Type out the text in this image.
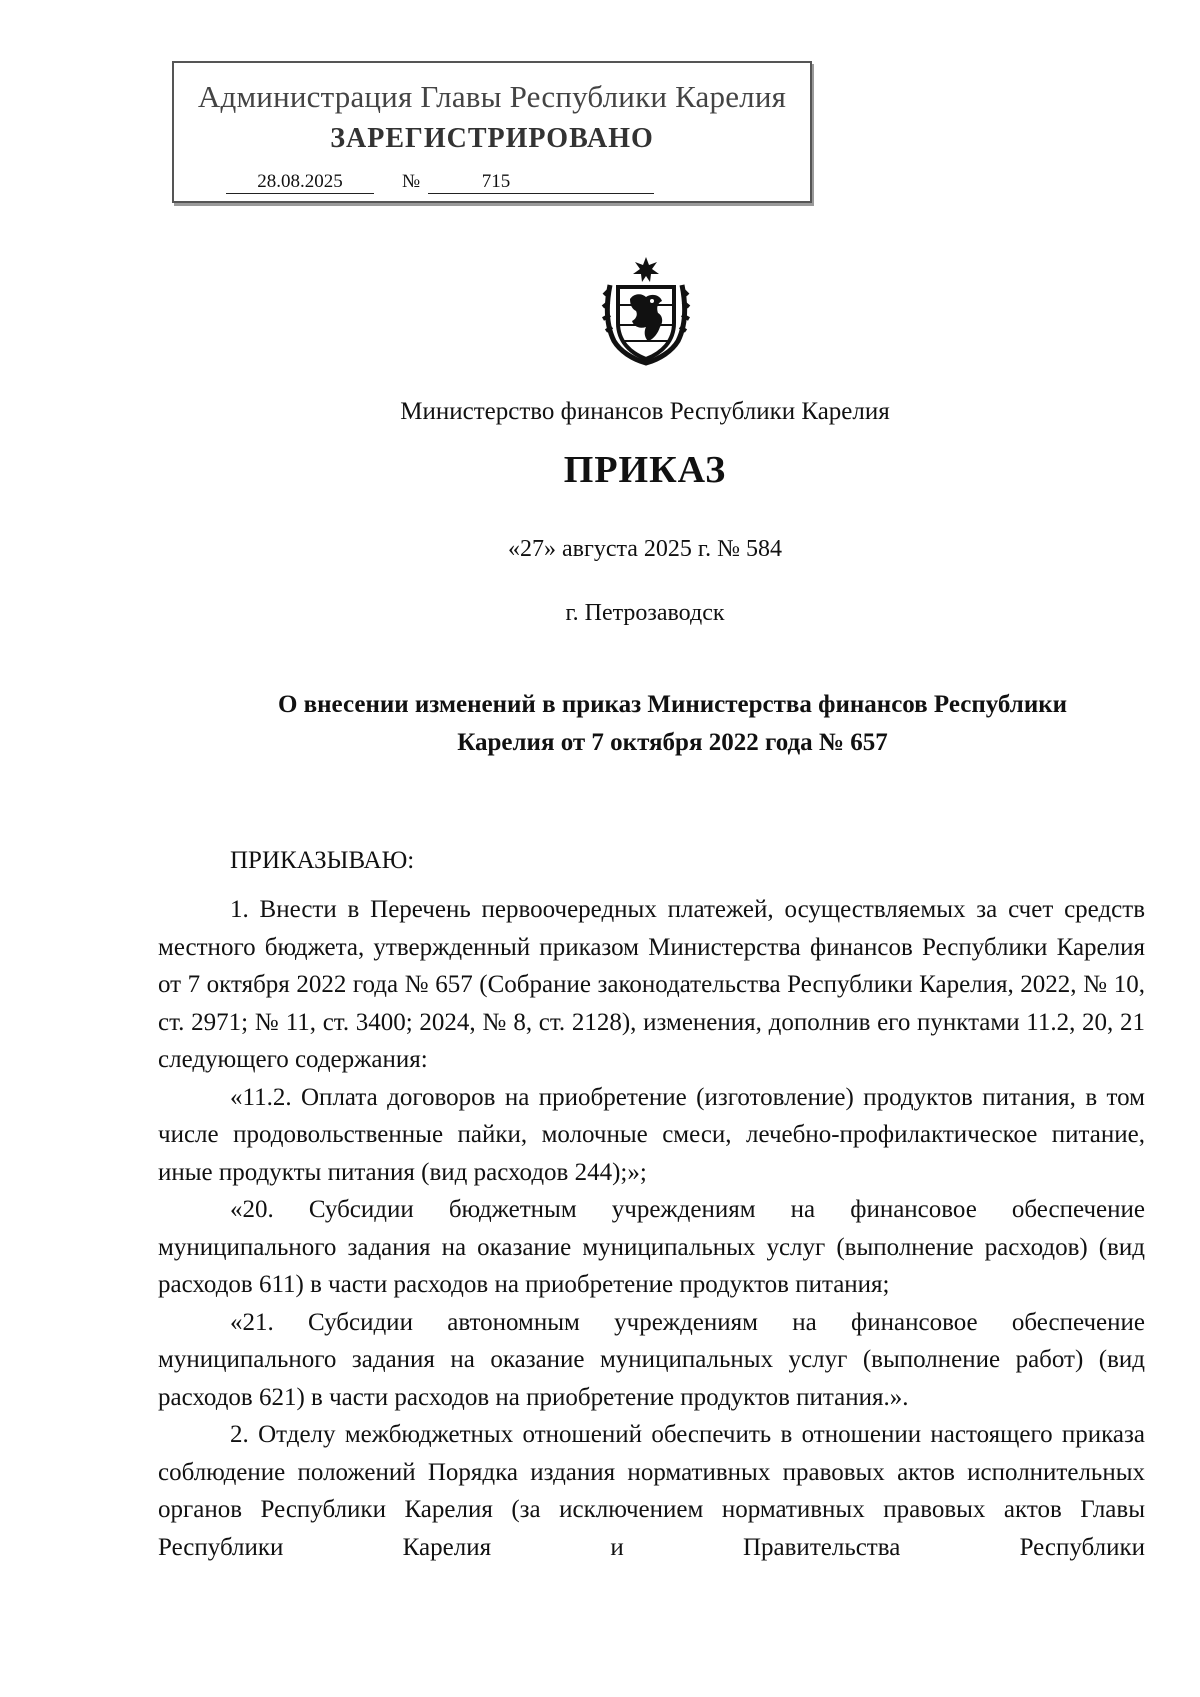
Администрация Главы Республики Карелия
ЗАРЕГИСТРИРОВАНО
28.08.2025	№	715
Министерство финансов Республики Карелия
ПРИКАЗ
«27» августа 2025 г. № 584
г. Петрозаводск
О внесении изменений в приказ Министерства финансов Республики
Карелия от 7 октября 2022 года № 657
ПРИКАЗЫВАЮ:

1. Внести в Перечень первоочередных платежей, осуществляемых за счет средств местного бюджета, утвержденный приказом Министерства финансов Республики Карелия от 7 октября 2022 года № 657 (Собрание законодательства Республики Карелия, 2022, № 10, ст. 2971; № 11, ст. 3400; 2024, № 8, ст. 2128), изменения, дополнив его пунктами 11.2, 20, 21 следующего содержания:

«11.2. Оплата договоров на приобретение (изготовление) продуктов питания, в том числе продовольственные пайки, молочные смеси, лечебно-профилактическое питание, иные продукты питания (вид расходов 244);»;

«20. Субсидии бюджетным учреждениям на финансовое обеспечение муниципального задания на оказание муниципальных услуг (выполнение расходов) (вид расходов 611) в части расходов на приобретение продуктов питания;

«21. Субсидии автономным учреждениям на финансовое обеспечение муниципального задания на оказание муниципальных услуг (выполнение работ) (вид расходов 621) в части расходов на приобретение продуктов питания.».

2. Отделу межбюджетных отношений обеспечить в отношении настоящего приказа соблюдение положений Порядка издания нормативных правовых актов исполнительных органов Республики Карелия (за исключением нормативных правовых актов Главы Республики Карелия и Правительства Республики
